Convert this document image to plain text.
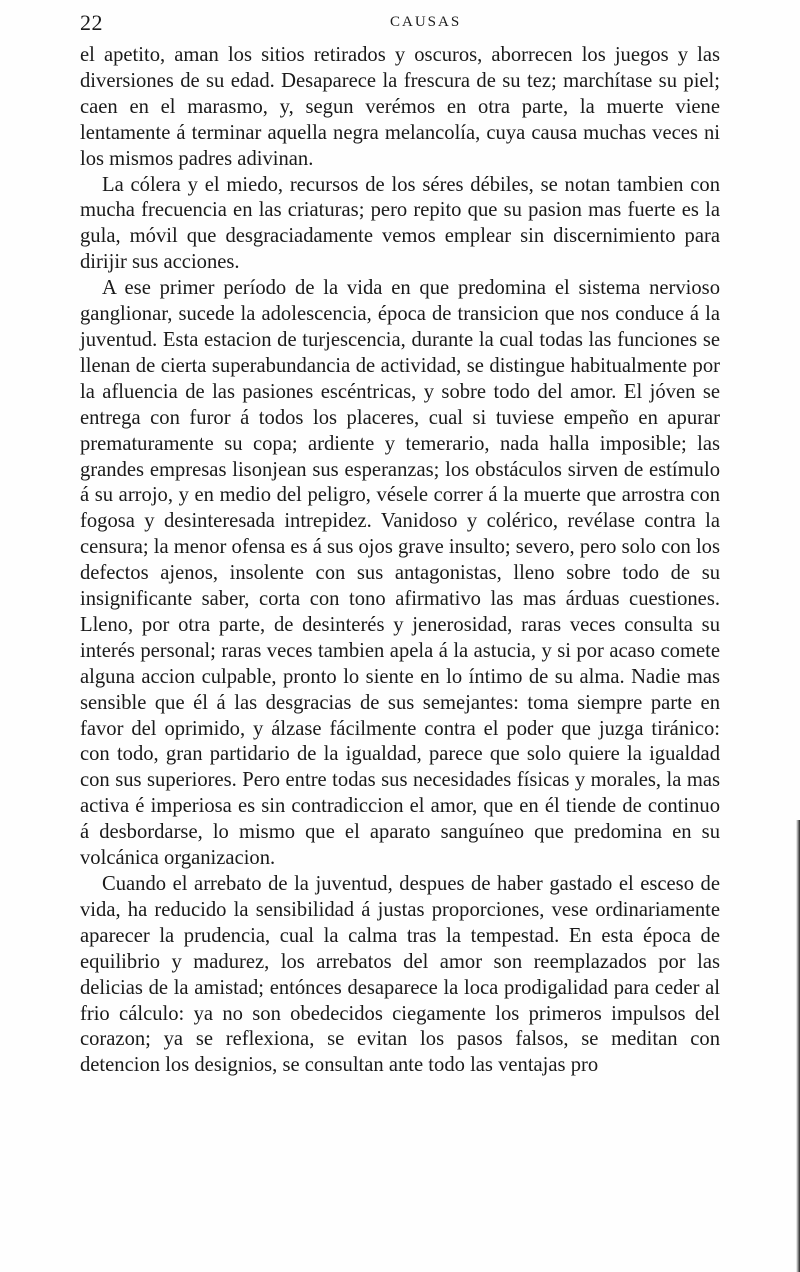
22	CAUSAS

el apetito, aman los sitios retirados y oscuros, aborrecen los juegos y las diversiones de su edad. Desaparece la frescura de su tez; marchítase su piel; caen en el marasmo, y, segun verémos en otra parte, la muerte viene lentamente á terminar aquella negra melancolía, cuya causa muchas veces ni los mismos padres adivinan.

La cólera y el miedo, recursos de los séres débiles, se notan tambien con mucha frecuencia en las criaturas; pero repito que su pasion mas fuerte es la gula, móvil que desgraciadamente vemos emplear sin discernimiento para dirijir sus acciones.

A ese primer período de la vida en que predomina el sistema nervioso ganglionar, sucede la adolescencia, época de transicion que nos conduce á la juventud. Esta estacion de turjescencia, durante la cual todas las funciones se llenan de cierta superabundancia de actividad, se distingue habitualmente por la afluencia de las pasiones escéntricas, y sobre todo del amor. El jóven se entrega con furor á todos los placeres, cual si tuviese empeño en apurar prematuramente su copa; ardiente y temerario, nada halla imposible; las grandes empresas lisonjean sus esperanzas; los obstáculos sirven de estímulo á su arrojo, y en medio del peligro, vésele correr á la muerte que arrostra con fogosa y desinteresada intrepidez. Vanidoso y colérico, revélase contra la censura; la menor ofensa es á sus ojos grave insulto; severo, pero solo con los defectos ajenos, insolente con sus antagonistas, lleno sobre todo de su insignificante saber, corta con tono afirmativo las mas árduas cuestiones. Lleno, por otra parte, de desinterés y jenerosidad, raras veces consulta su interés personal; raras veces tambien apela á la astucia, y si por acaso comete alguna accion culpable, pronto lo siente en lo íntimo de su alma. Nadie mas sensible que él á las desgracias de sus semejantes: toma siempre parte en favor del oprimido, y álzase fácilmente contra el poder que juzga tiránico: con todo, gran partidario de la igualdad, parece que solo quiere la igualdad con sus superiores. Pero entre todas sus necesidades físicas y morales, la mas activa é imperiosa es sin contradiccion el amor, que en él tiende de continuo á desbordarse, lo mismo que el aparato sanguíneo que predomina en su volcánica organizacion.

Cuando el arrebato de la juventud, despues de haber gastado el esceso de vida, ha reducido la sensibilidad á justas proporciones, vese ordinariamente aparecer la prudencia, cual la calma tras la tempestad. En esta época de equilibrio y madurez, los arrebatos del amor son reemplazados por las delicias de la amistad; entónces desaparece la loca prodigalidad para ceder al frio cálculo: ya no son obedecidos ciegamente los primeros impulsos del corazon; ya se reflexiona, se evitan los pasos falsos, se meditan con detencion los designios, se consultan ante todo las ventajas pro
